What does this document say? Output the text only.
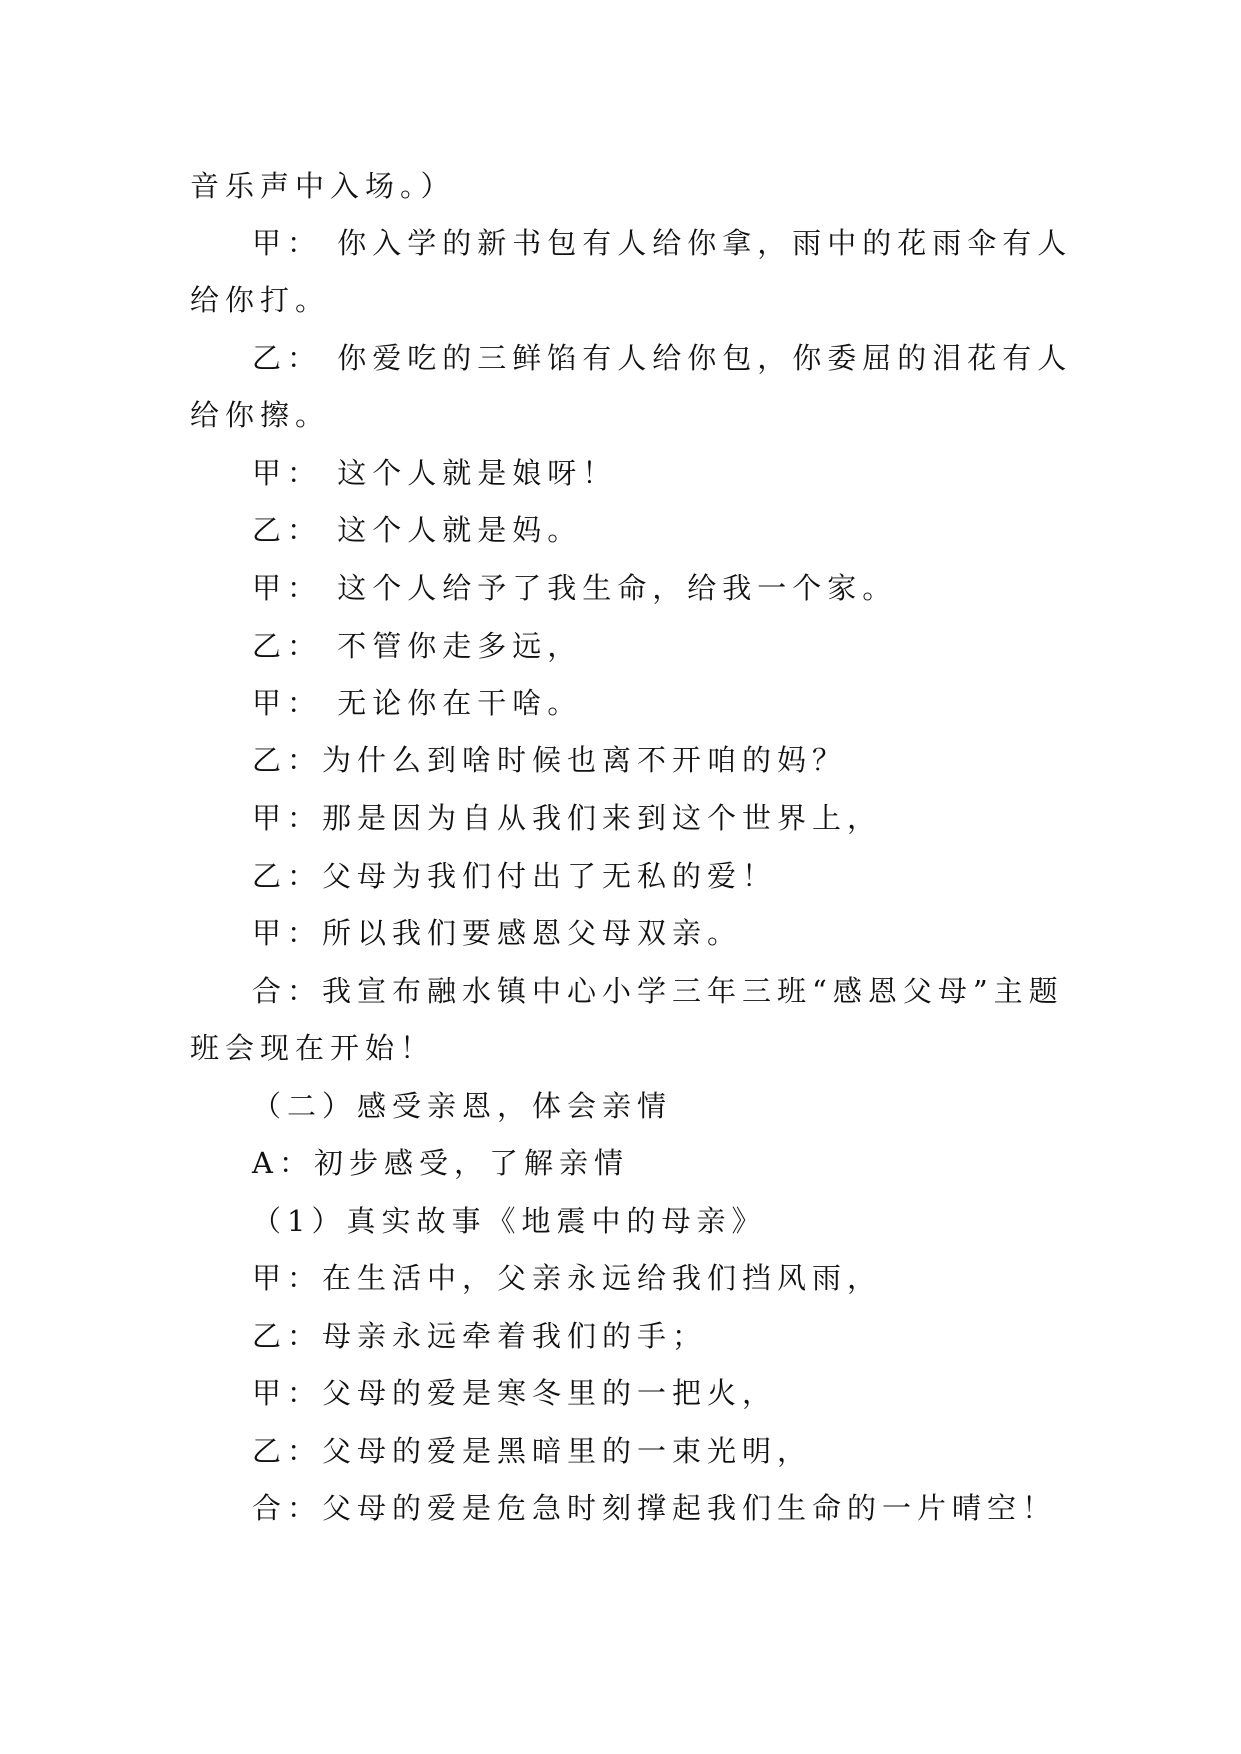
音乐声中入场。）
甲： 你入学的新书包有人给你拿，雨中的花雨伞有人
给你打。
乙： 你爱吃的三鲜馅有人给你包，你委屈的泪花有人
给你擦。
甲： 这个人就是娘呀！
乙： 这个人就是妈。
甲： 这个人给予了我生命，给我一个家。
乙： 不管你走多远，
甲： 无论你在干啥。
乙：为什么到啥时候也离不开咱的妈？
甲：那是因为自从我们来到这个世界上，
乙：父母为我们付出了无私的爱！
甲：所以我们要感恩父母双亲。
合：我宣布融水镇中心小学三年三班“感恩父母”主题
班会现在开始！
（二）感受亲恩，体会亲情
A：初步感受，了解亲情
（1）真实故事《地震中的母亲》
甲：在生活中，父亲永远给我们挡风雨，
乙：母亲永远牵着我们的手；
甲：父母的爱是寒冬里的一把火，
乙：父母的爱是黑暗里的一束光明，
合：父母的爱是危急时刻撑起我们生命的一片晴空！
